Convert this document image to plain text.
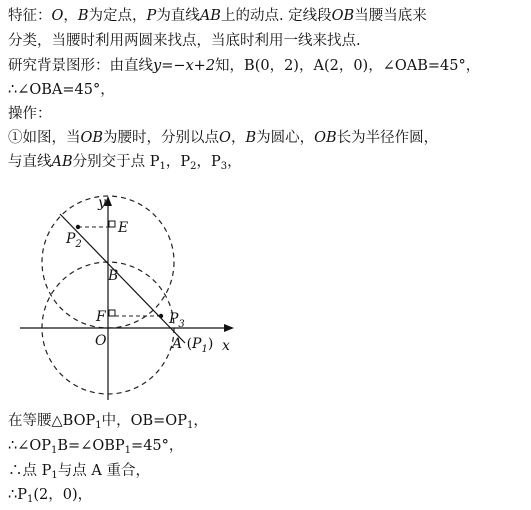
特征：O，B为定点，P为直线AB上的动点. 定线段OB当腰当底来
分类，当腰时利用两圆来找点，当底时利用一线来找点.
研究背景图形：由直线y=−x+2知，B(0，2)，A(2，0)，∠OAB=45°，
∴∠OBA=45°，
操作：
①如图，当OB为腰时，分别以点O，B为圆心，OB长为半径作圆，
与直线AB分别交于点 $P_1$，$P_2$，$P_3$，
y
E
$P_2$
B
F	$P_3$
O	A $(P_1)$ x
在等腰$\triangle BOP_1$中，$OB=OP_1$，
$\therefore\angle OP_1B=\angle OBP_1=45^\circ$，
∴点 $P_1$与点 A 重合，
$\therefore P_1(2$，0)，
